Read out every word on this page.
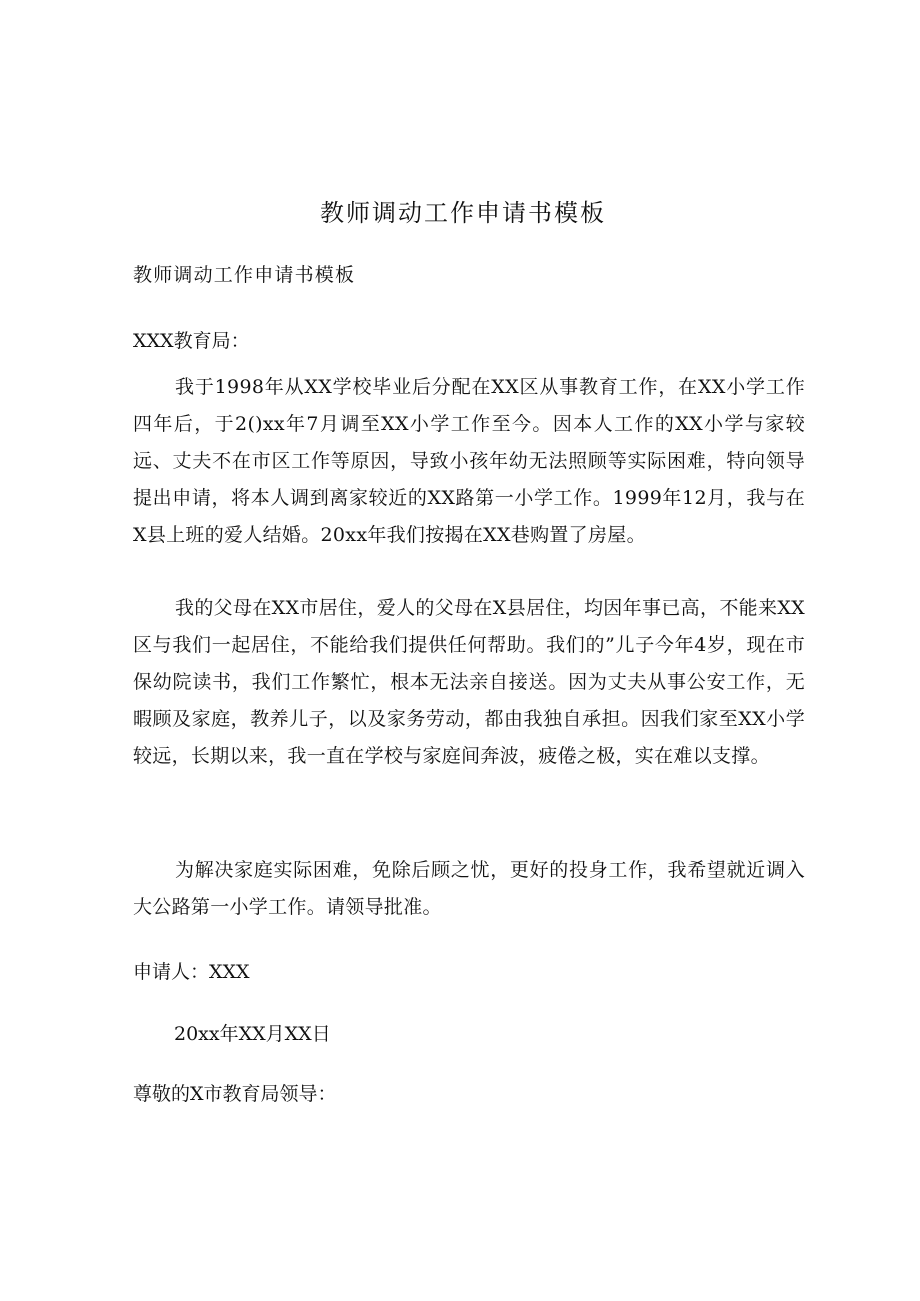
教师调动工作申请书模板

教师调动工作申请书模板

XXX教育局：

我于1998年从XX学校毕业后分配在XX区从事教育工作，在XX小学工作四年后，于2()xx年7月调至XX小学工作至今。因本人工作的XX小学与家较远、丈夫不在市区工作等原因，导致小孩年幼无法照顾等实际困难，特向领导提出申请，将本人调到离家较近的XX路第一小学工作。1999年12月，我与在X县上班的爱人结婚。20xx年我们按揭在XX巷购置了房屋。

我的父母在XX市居住，爱人的父母在X县居住，均因年事已高，不能来XX区与我们一起居住，不能给我们提供任何帮助。我们的”儿子今年4岁，现在市保幼院读书，我们工作繁忙，根本无法亲自接送。因为丈夫从事公安工作，无暇顾及家庭，教养儿子，以及家务劳动，都由我独自承担。因我们家至XX小学较远，长期以来，我一直在学校与家庭间奔波，疲倦之极，实在难以支撑。

为解决家庭实际困难，免除后顾之忧，更好的投身工作，我希望就近调入大公路第一小学工作。请领导批准。

申请人：XXX

20xx年XX月XX日

尊敬的X市教育局领导：
